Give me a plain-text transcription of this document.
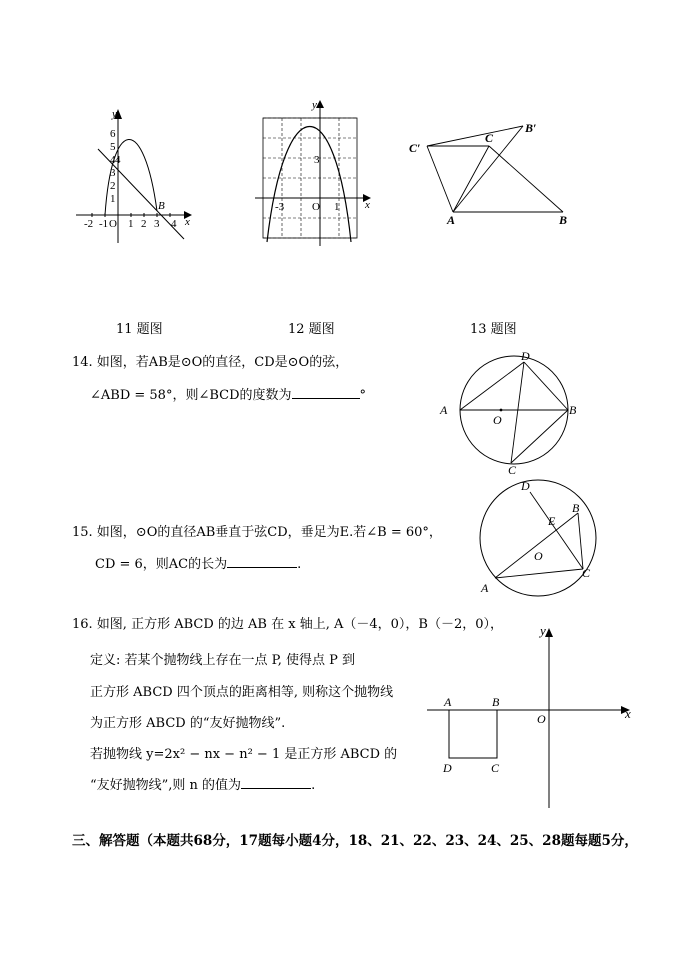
y
x
6
5
4
3
2
1
4
-2 -1 O 1 2 3 4
B
y
x
-3	O 1
3
C′
C
B′
A	B
11 题图	12 题图	13 题图
14. 如图，若AB是⊙O的直径，CD是⊙O的弦，
∠ABD = 58°，则∠BCD的度数为	°
D
A
O
B
C
15. 如图，⊙O的直径AB垂直于弦CD，垂足为E.若∠B = 60°，
CD = 6，则AC的长为	.
D
B
E
O
A
C
16. 如图, 正方形 ABCD 的边 AB 在 x 轴上, A（－4，0），B（－2，0），
定义: 若某个抛物线上存在一点 P, 使得点 P 到
正方形 ABCD 四个顶点的距离相等, 则称这个抛物线
为正方形 ABCD 的“友好抛物线”.
若抛物线 y=2x² − nx − n² − 1 是正方形 ABCD 的
“友好抛物线”,则 n 的值为	.
x
y
A	B
O
D	C
三、解答题（本题共68分，17题每小题4分，18、21、22、23、24、25、28题每题5分，
